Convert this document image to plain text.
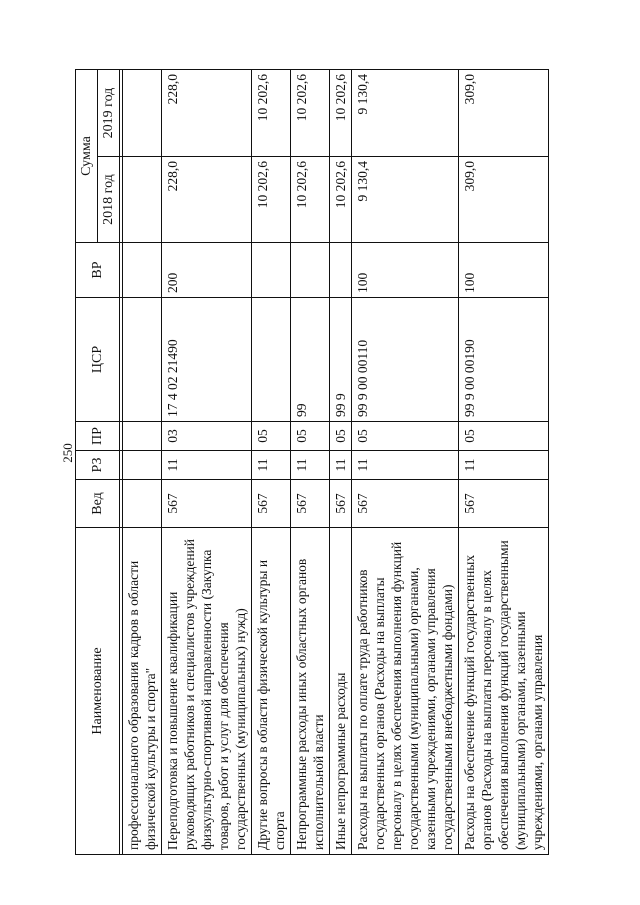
250
Наименование	Вед	РЗ	ПР	ЦСР	ВР	Сумма	
						2018 год	2019 год

профессионального образования кадров в области физической культуры и спорта"							
Переподготовка и повышение квалификации руководящих работников и специалистов учреждений физкультурно-спортивной направленности (Закупка товаров, работ и услуг для обеспечения государственных (муниципальных) нужд)	567	11	03	17 4 02 21490	200	228,0	228,0
Другие вопросы в области физической культуры и спорта	567	11	05			10 202,6	10 202,6
Непрограммные расходы иных областных органов исполнительной власти	567	11	05	99		10 202,6	10 202,6
Иные непрограммные расходы	567	11	05	99 9		10 202,6	10 202,6
Расходы на выплаты по оплате труда работников государственных органов (Расходы на выплаты персоналу в целях обеспечения выполнения функций государственными (муниципальными) органами, казенными учреждениями, органами управления государственными внебюджетными фондами)	567	11	05	99 9 00 00110	100	9 130,4	9 130,4
Расходы на обеспечение функций государственных органов (Расходы на выплаты персоналу в целях обеспечения выполнения функций государственными (муниципальными) органами, казенными учреждениями, органами управления	567	11	05	99 9 00 00190	100	309,0	309,0
